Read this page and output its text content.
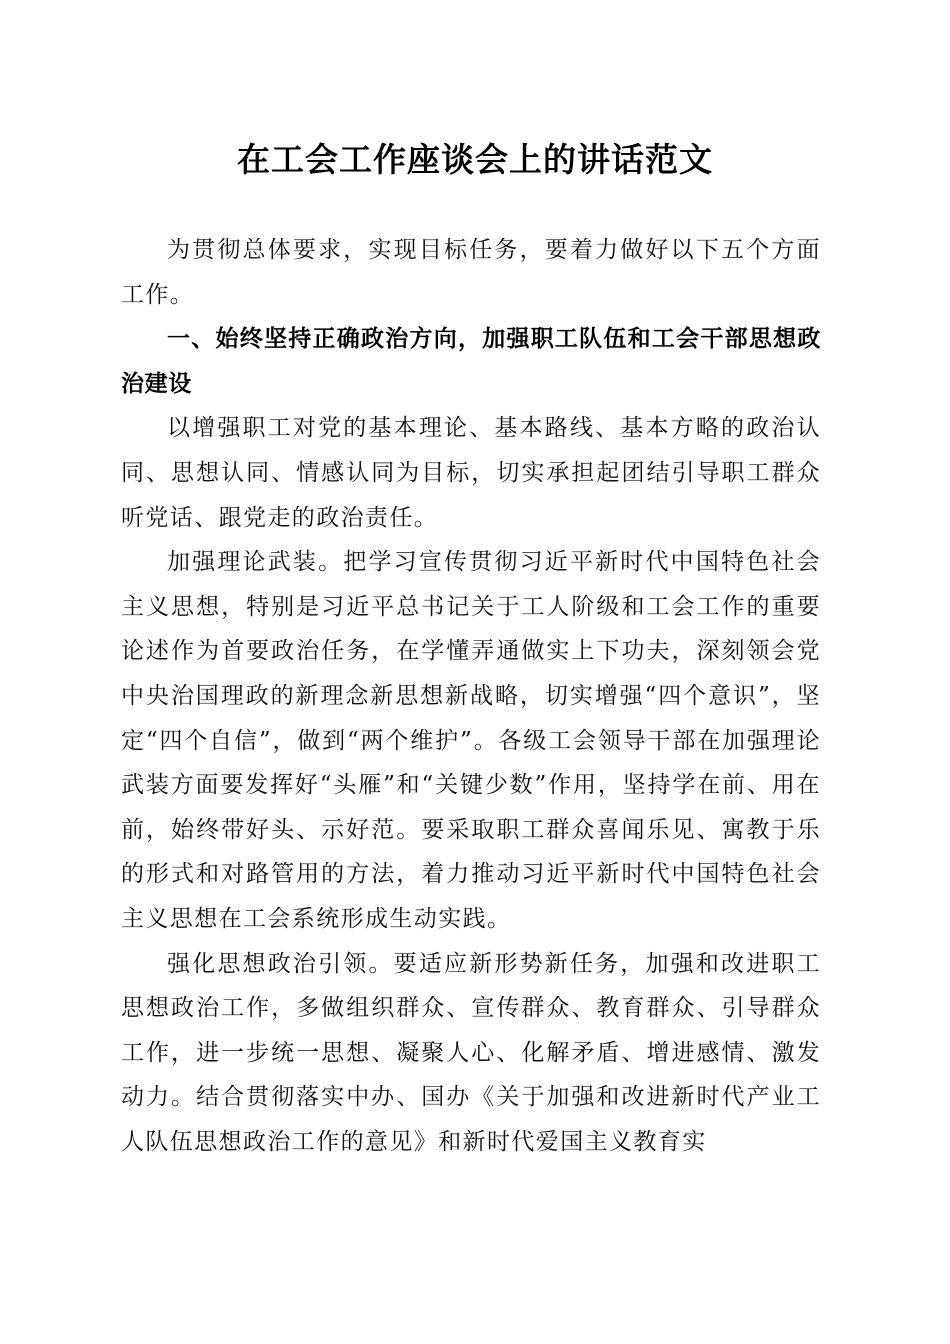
在工会工作座谈会上的讲话范文

为贯彻总体要求，实现目标任务，要着力做好以下五个方面工作。

一、始终坚持正确政治方向，加强职工队伍和工会干部思想政治建设

以增强职工对党的基本理论、基本路线、基本方略的政治认同、思想认同、情感认同为目标，切实承担起团结引导职工群众听党话、跟党走的政治责任。

加强理论武装。把学习宣传贯彻习近平新时代中国特色社会主义思想，特别是习近平总书记关于工人阶级和工会工作的重要论述作为首要政治任务，在学懂弄通做实上下功夫，深刻领会党中央治国理政的新理念新思想新战略，切实增强“四个意识”，坚定“四个自信”，做到“两个维护”。各级工会领导干部在加强理论武装方面要发挥好“头雁”和“关键少数”作用，坚持学在前、用在前，始终带好头、示好范。要采取职工群众喜闻乐见、寓教于乐的形式和对路管用的方法，着力推动习近平新时代中国特色社会主义思想在工会系统形成生动实践。

强化思想政治引领。要适应新形势新任务，加强和改进职工思想政治工作，多做组织群众、宣传群众、教育群众、引导群众工作，进一步统一思想、凝聚人心、化解矛盾、增进感情、激发动力。结合贯彻落实中办、国办《关于加强和改进新时代产业工人队伍思想政治工作的意见》和新时代爱国主义教育实
